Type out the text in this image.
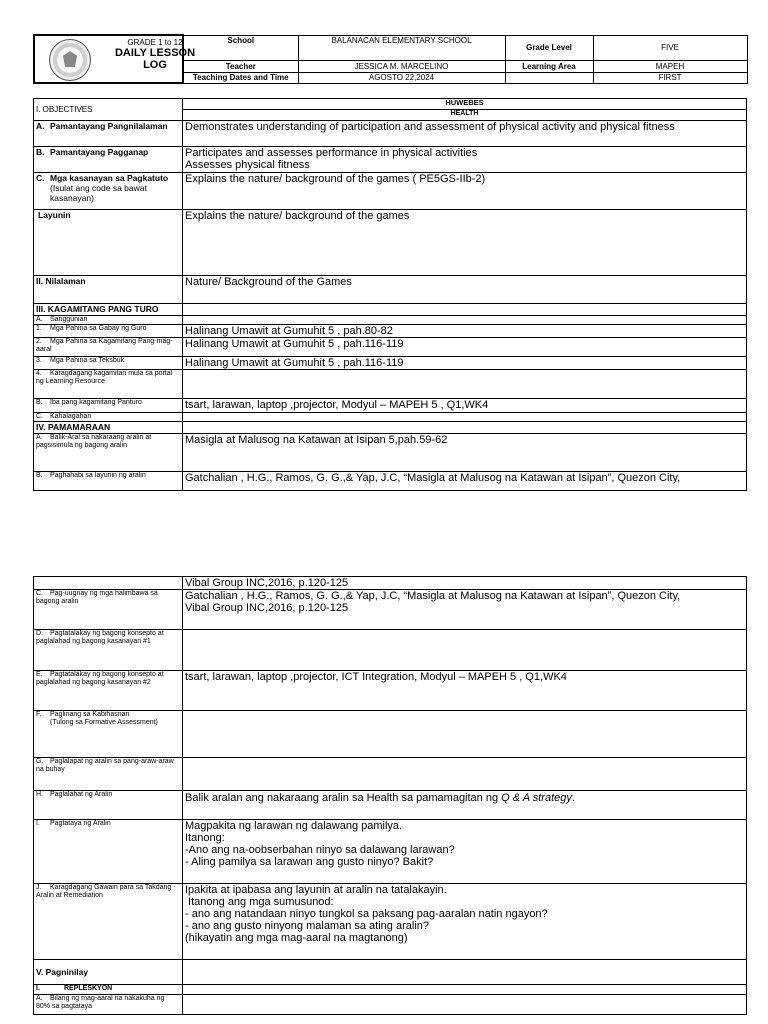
GRADE 1 to 12
DAILY LESSON
LOG	School	BALANACAN ELEMENTARY SCHOOL	Grade Level	FIVE
	Teacher	JESSICA M. MARCELINO	Learning Area	MAPEH
	Teaching Dates and Time	AGOSTO 22,2024		FIRST
I. OBJECTIVES	HUWEBES
	HEALTH
A. Pamantayang Pangnilalaman	Demonstrates understanding of participation and assessment of physical activity and physical fitness
B. Pamantayang Pagganap	Participates and assesses performance in physical activities
Assesses physical fitness

C. Mga kasanayan sa Pagkatuto
(Isulat ang code sa bawat kasanayan)	Explains the nature/ background of the games ( PE5GS-IIb-2)
Layunin	Explains the nature/ background of the games
II. Nilalaman	Nature/ Background of the Games
III. KAGAMITANG PANG TURO	
A. Sanggunian	
1. Mga Pahina sa Gabay ng Guro	Halinang Umawit at Gumuhit 5 , pah.80-82
2. Mga Pahina sa Kagamitang Pang-mag-aaral	Halinang Umawit at Gumuhit 5 , pah.116-119
3. Mga Pahina sa Teksbuk	Halinang Umawit at Gumuhit 5 , pah.116-119
4. Karagdagang kagamitan mula sa portal ng Learning Resource	
B. Iba pang kagamitang Panturo	tsart, larawan, laptop ,projector, Modyul – MAPEH 5 , Q1,WK4
C. Kahalagahan	
IV. PAMAMARAAN	
A. Balik-Aral sa nakaraang aralin at pagsisimula ng bagong aralin	Masigla at Malusog na Katawan at Isipan 5,pah.59-62
B. Paghahabi sa layunin ng aralin	Gatchalian , H.G., Ramos, G. G.,& Yap, J.C, “Masigla at Malusog na Katawan at Isipan”, Quezon City,
	Vibal Group INC,2016, p.120-125
C. Pag-uugnay ng mga halimbawa sa bagong aralin	Gatchalian , H.G., Ramos, G. G.,& Yap, J.C, “Masigla at Malusog na Katawan at Isipan”, Quezon City,
Vibal Group INC,2016, p.120-125

D. Pagtatalakay ng bagong konsepto at paglalahad ng bagong kasanayan #1	
E. Pagtatalakay ng bagong konsepto at paglalahad ng bagong kasanayan #2	tsart, larawan, laptop ,projector, ICT Integration, Modyul – MAPEH 5 , Q1,WK4
F. Paglinang sa Kabihasnan
(Tulong sa Formative Assessment)	

G. Paglalapat ng aralin sa pang-araw-araw na buhay	
H. Paglalahat ng Aralin	Balik aralan ang nakaraang aralin sa Health sa pamamagitan ng Q & A strategy.
I. Pagtataya ng Aralin	Magpakita ng larawan ng dalawang pamilya.
Itanong:
-Ano ang na-oobserbahan ninyo sa dalawang larawan?
- Aling pamilya sa larawan ang gusto ninyo? Bakit?

J. Karagdagang Gawain para sa Takdang -Aralin at Remediation	Ipakita at ipabasa ang layunin at aralin na tatalakayin.
Itanong ang mga sumusunod:
- ano ang natandaan ninyo tungkol sa paksang pag-aaralan natin ngayon?
- ano ang gusto ninyong malaman sa ating aralin?
(hikayatin ang mga mag-aaral na magtanong)

V. Pagninilay	
I. REPLESKYON	
A. Bilang ng mag-aaral na nakakuha ng 80% sa pagtataya	
